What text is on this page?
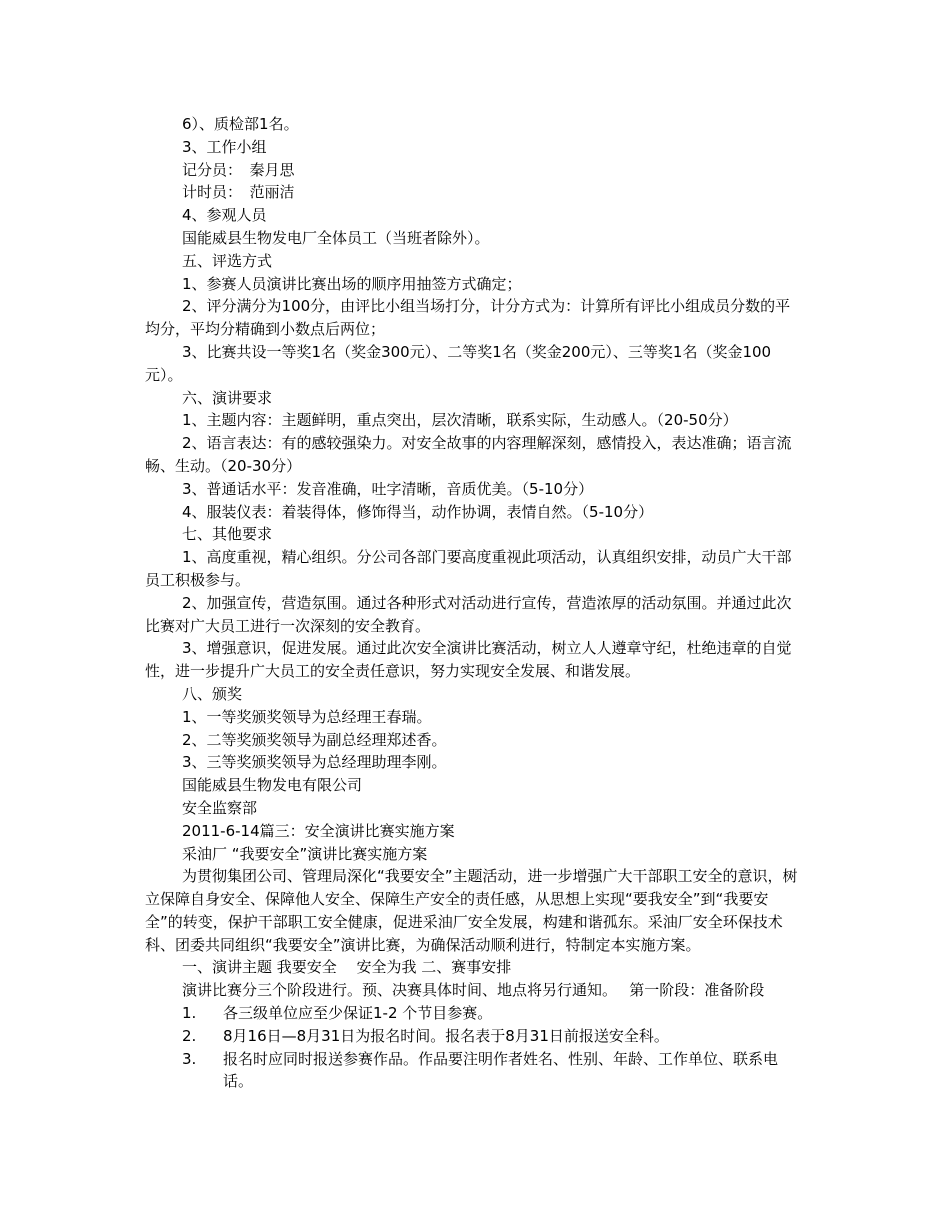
6）、质检部1名。

3、工作小组

记分员：　秦月思

计时员：　范丽洁

4、参观人员

国能威县生物发电厂全体员工（当班者除外）。

五、评选方式

1、参赛人员演讲比赛出场的顺序用抽签方式确定；

2、评分满分为100分，由评比小组当场打分，计分方式为：计算所有评比小组成员分数的平均分，平均分精确到小数点后两位；

3、比赛共设一等奖1名（奖金300元）、二等奖1名（奖金200元）、三等奖1名（奖金100元）。

六、演讲要求

1、主题内容：主题鲜明，重点突出，层次清晰，联系实际，生动感人。（20-50分）

2、语言表达：有的感较强染力。对安全故事的内容理解深刻，感情投入，表达准确；语言流畅、生动。（20-30分）

3、普通话水平：发音准确，吐字清晰，音质优美。（5-10分）

4、服装仪表：着装得体，修饰得当，动作协调，表情自然。（5-10分）

七、其他要求

1、高度重视，精心组织。分公司各部门要高度重视此项活动，认真组织安排，动员广大干部员工积极参与。

2、加强宣传，营造氛围。通过各种形式对活动进行宣传，营造浓厚的活动氛围。并通过此次比赛对广大员工进行一次深刻的安全教育。

3、增强意识，促进发展。通过此次安全演讲比赛活动，树立人人遵章守纪，杜绝违章的自觉性，进一步提升广大员工的安全责任意识，努力实现安全发展、和谐发展。

八、颁奖

1、一等奖颁奖领导为总经理王春瑞。

2、二等奖颁奖领导为副总经理郑述香。

3、三等奖颁奖领导为总经理助理李刚。

国能威县生物发电有限公司

安全监察部

2011-6-14篇三：安全演讲比赛实施方案

采油厂 “我要安全”演讲比赛实施方案

为贯彻集团公司、管理局深化“我要安全”主题活动，进一步增强广大干部职工安全的意识，树立保障自身安全、保障他人安全、保障生产安全的责任感，从思想上实现“要我安全”到“我要安全”的转变，保护干部职工安全健康，促进采油厂安全发展，构建和谐孤东。采油厂安全环保技术科、团委共同组织“我要安全”演讲比赛，为确保活动顺利进行，特制定本实施方案。

一、演讲主题 我要安全　 安全为我 二、赛事安排

演讲比赛分三个阶段进行。预、决赛具体时间、地点将另行通知。　 第一阶段：准备阶段

1. 各三级单位应至少保证1-2 个节目参赛。
2. 8月16日—8月31日为报名时间。报名表于8月31日前报送安全科。
3. 报名时应同时报送参赛作品。作品要注明作者姓名、性别、年龄、工作单位、联系电话。
